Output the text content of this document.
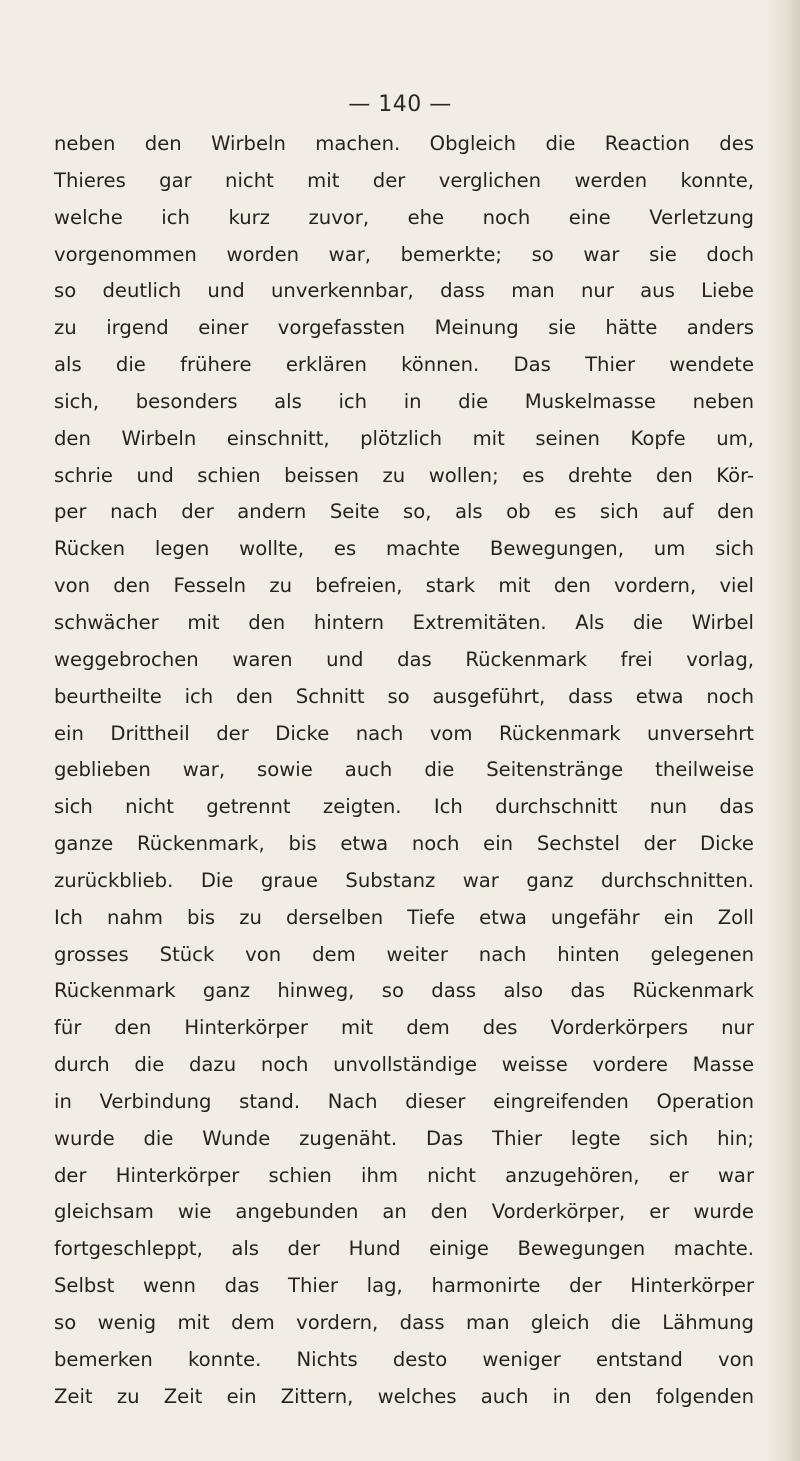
— 140 —
neben den Wirbeln machen. Obgleich die Reaction des
Thieres gar nicht mit der verglichen werden konnte,
welche ich kurz zuvor, ehe noch eine Verletzung
vorgenommen worden war, bemerkte; so war sie doch
so deutlich und unverkennbar, dass man nur aus Liebe
zu irgend einer vorgefassten Meinung sie hätte anders
als die frühere erklären können. Das Thier wendete
sich, besonders als ich in die Muskelmasse neben
den Wirbeln einschnitt, plötzlich mit seinen Kopfe um,
schrie und schien beissen zu wollen; es drehte den Kör-
per nach der andern Seite so, als ob es sich auf den
Rücken legen wollte, es machte Bewegungen, um sich
von den Fesseln zu befreien, stark mit den vordern, viel
schwächer mit den hintern Extremitäten. Als die Wirbel
weggebrochen waren und das Rückenmark frei vorlag,
beurtheilte ich den Schnitt so ausgeführt, dass etwa noch
ein Drittheil der Dicke nach vom Rückenmark unversehrt
geblieben war, sowie auch die Seitenstränge theilweise
sich nicht getrennt zeigten. Ich durchschnitt nun das
ganze Rückenmark, bis etwa noch ein Sechstel der Dicke
zurückblieb. Die graue Substanz war ganz durchschnitten.
Ich nahm bis zu derselben Tiefe etwa ungefähr ein Zoll
grosses Stück von dem weiter nach hinten gelegenen
Rückenmark ganz hinweg, so dass also das Rückenmark
für den Hinterkörper mit dem des Vorderkörpers nur
durch die dazu noch unvollständige weisse vordere Masse
in Verbindung stand. Nach dieser eingreifenden Operation
wurde die Wunde zugenäht. Das Thier legte sich hin;
der Hinterkörper schien ihm nicht anzugehören, er war
gleichsam wie angebunden an den Vorderkörper, er wurde
fortgeschleppt, als der Hund einige Bewegungen machte.
Selbst wenn das Thier lag, harmonirte der Hinterkörper
so wenig mit dem vordern, dass man gleich die Lähmung
bemerken konnte. Nichts desto weniger entstand von
Zeit zu Zeit ein Zittern, welches auch in den folgenden
